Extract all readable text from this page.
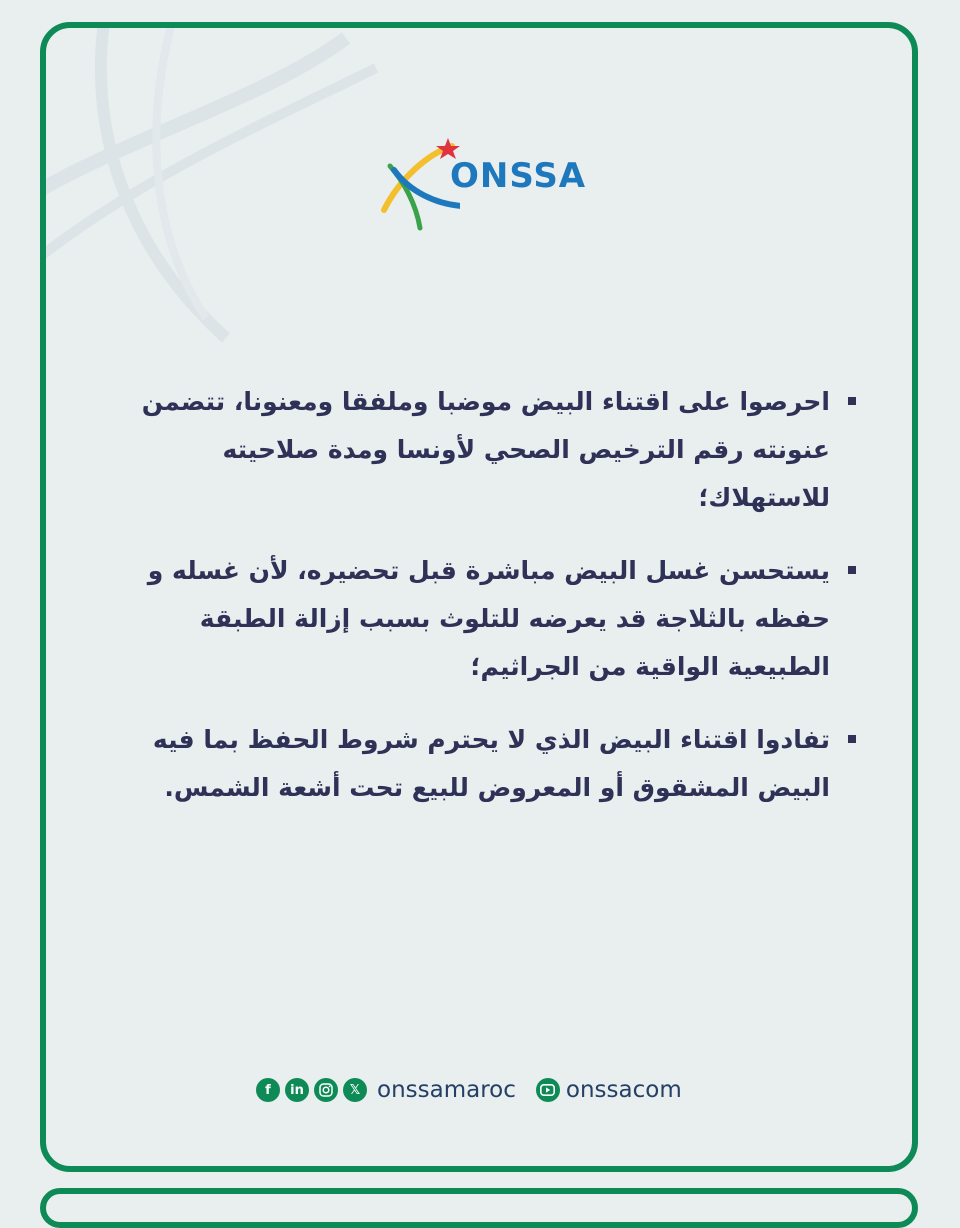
ONSSA
احرصوا على اقتناء البيض موضبا وملفقا ومعنونا، تتضمن عنونته رقم الترخيص الصحي لأونسا ومدة صلاحيته للاستهلاك؛
يستحسن غسل البيض مباشرة قبل تحضيره، لأن غسله و حفظه بالثلاجة قد يعرضه للتلوث بسبب إزالة الطبقة الطبيعية الواقية من الجراثيم؛
تفادوا اقتناء البيض الذي لا يحترم شروط الحفظ بما فيه البيض المشقوق أو المعروض للبيع تحت أشعة الشمس.
f	in	𝕏 onssamaroc onssacom
